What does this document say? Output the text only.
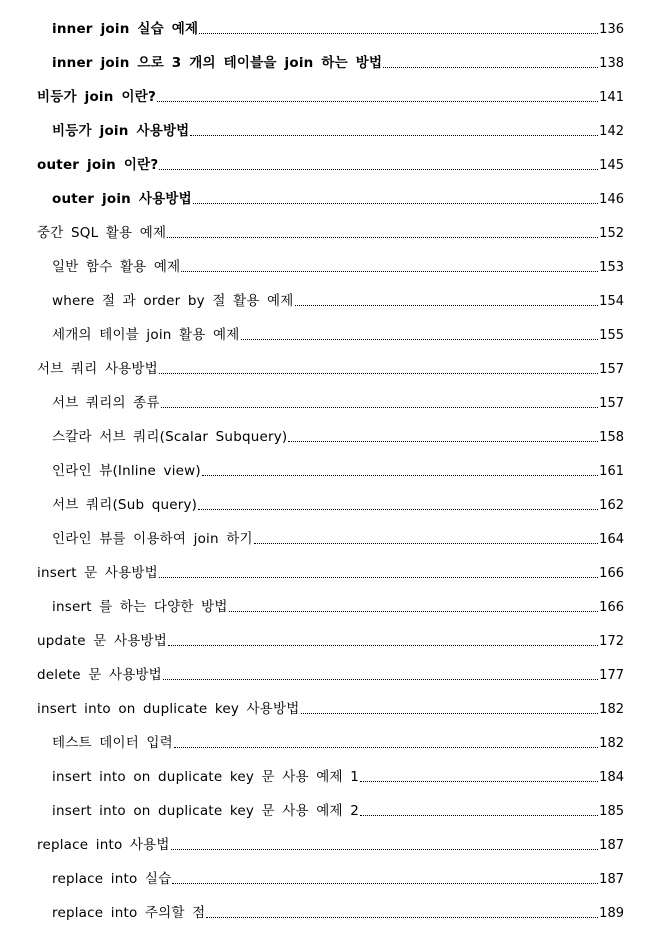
inner join 실습 예제	136
inner join 으로 3 개의 테이블을 join 하는 방법	138
비등가 join 이란?	141
비등가 join 사용방법	142
outer join 이란?	145
outer join 사용방법	146
중간 SQL 활용 예제	152
일반 함수 활용 예제	153
where 절 과 order by 절 활용 예제	154
세개의 테이블 join 활용 예제	155
서브 쿼리 사용방법	157
서브 쿼리의 종류	157
스칼라 서브 쿼리(Scalar Subquery)	158
인라인 뷰(Inline view)	161
서브 쿼리(Sub query)	162
인라인 뷰를 이용하여 join 하기	164
insert 문 사용방법	166
insert 를 하는 다양한 방법	166
update 문 사용방법	172
delete 문 사용방법	177
insert into on duplicate key 사용방법	182
테스트 데이터 입력	182
insert into on duplicate key 문 사용 예제 1	184
insert into on duplicate key 문 사용 예제 2	185
replace into 사용법	187
replace into 실습	187
replace into 주의할 점	189
